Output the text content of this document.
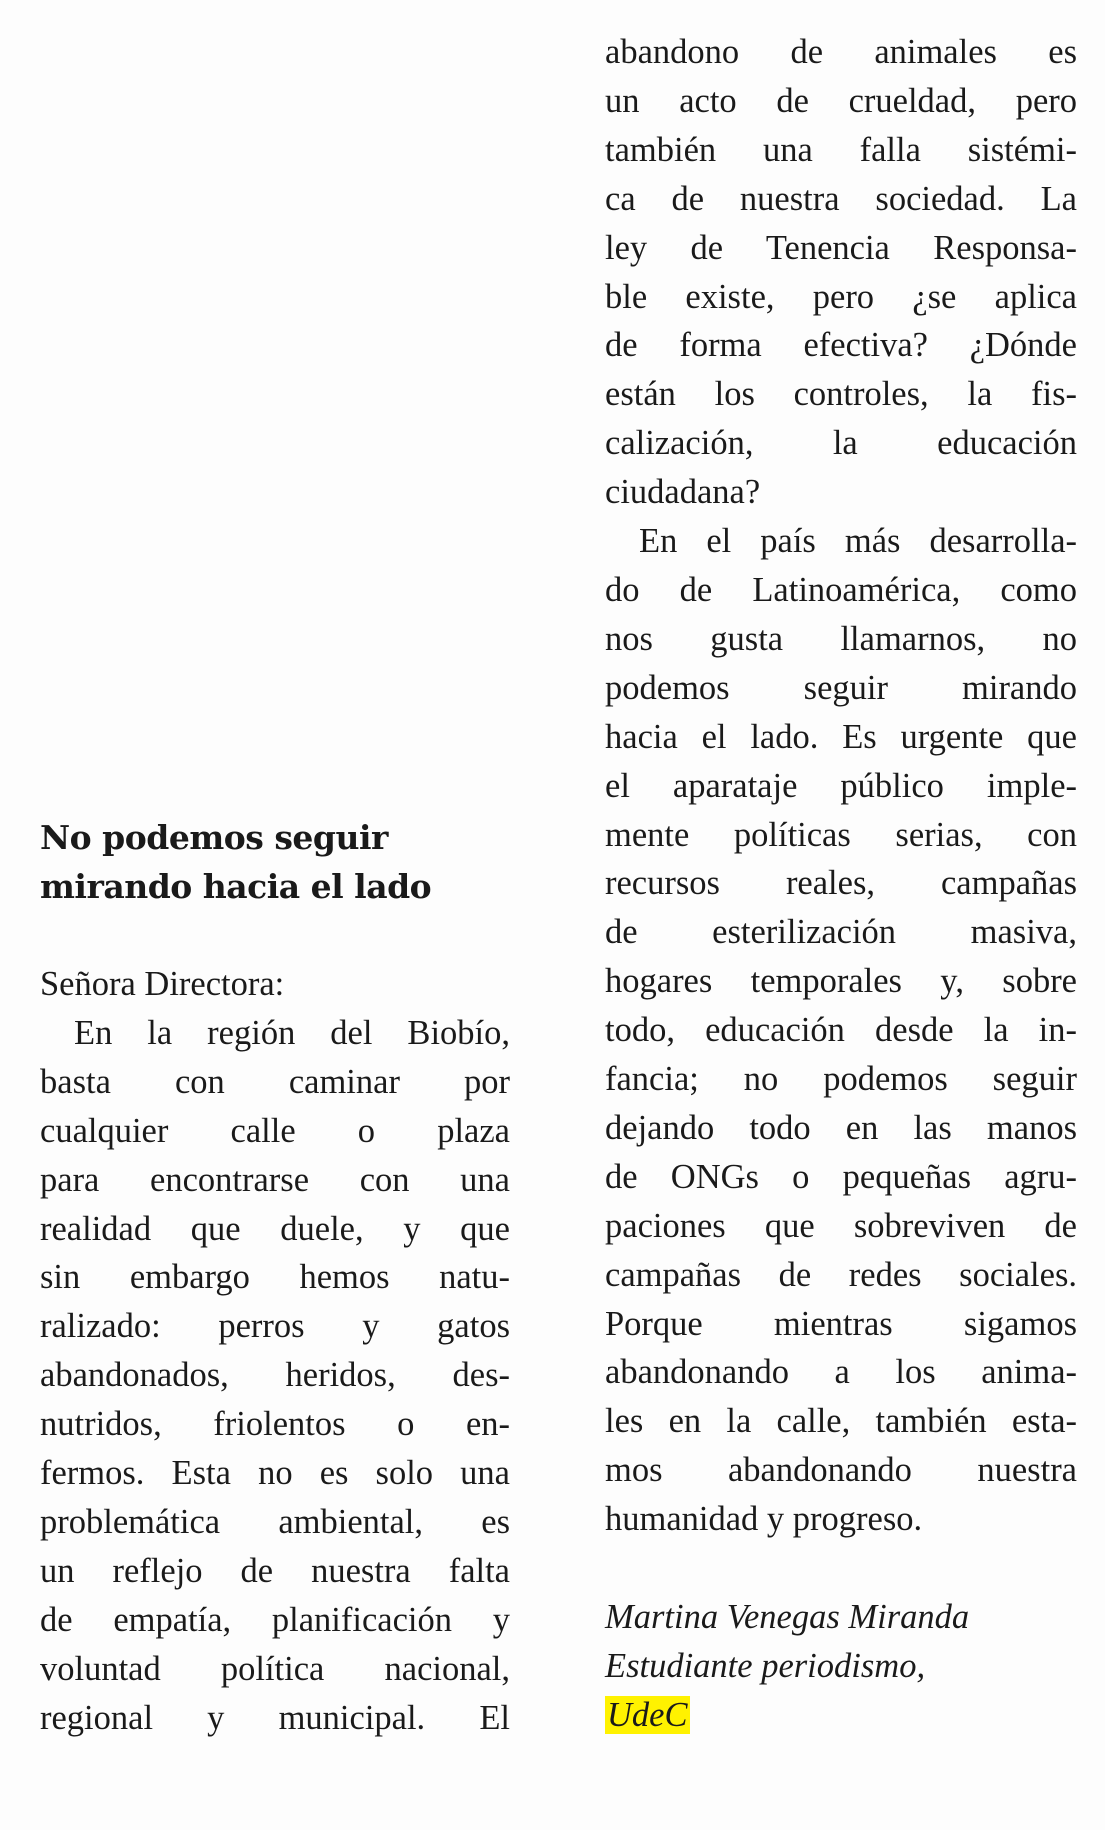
No podemos seguir
mirando hacia el lado

Señora Directora:

En la región del Biobío,
basta con caminar por
cualquier calle o plaza
para encontrarse con una
realidad que duele, y que
sin embargo hemos natu-
ralizado: perros y gatos
abandonados, heridos, des-
nutridos, friolentos o en-
fermos. Esta no es solo una
problemática ambiental, es
un reflejo de nuestra falta
de empatía, planificación y
voluntad política nacional,
regional y municipal. El
abandono de animales es
un acto de crueldad, pero
también una falla sistémi-
ca de nuestra sociedad. La
ley de Tenencia Responsa-
ble existe, pero ¿se aplica
de forma efectiva? ¿Dónde
están los controles, la fis-
calización, la educación
ciudadana?
En el país más desarrolla-
do de Latinoamérica, como
nos gusta llamarnos, no
podemos seguir mirando
hacia el lado. Es urgente que
el aparataje público imple-
mente políticas serias, con
recursos reales, campañas
de esterilización masiva,
hogares temporales y, sobre
todo, educación desde la in-
fancia; no podemos seguir
dejando todo en las manos
de ONGs o pequeñas agru-
paciones que sobreviven de
campañas de redes sociales.
Porque mientras sigamos
abandonando a los anima-
les en la calle, también esta-
mos abandonando nuestra
humanidad y progreso.
Martina Venegas Miranda
Estudiante periodismo,
UdeC
